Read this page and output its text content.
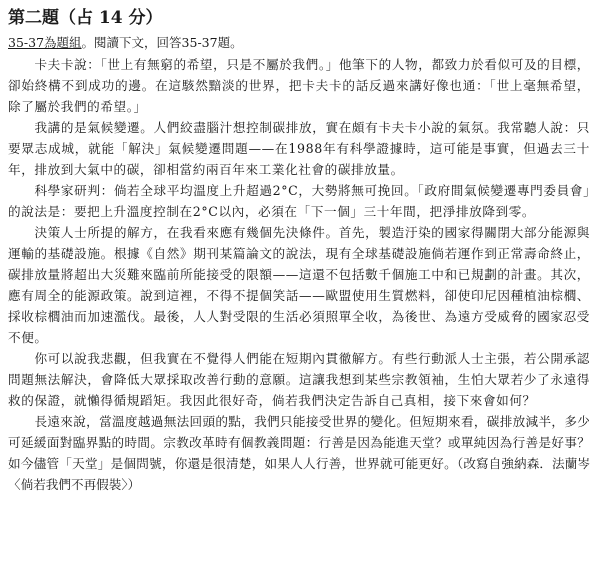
第二題（占 14 分）

35-37為題組。閱讀下文，回答35-37題。

卡夫卡說：「世上有無窮的希望，只是不屬於我們。」他筆下的人物，都致力於看似可及的目標，卻始終構不到成功的邊。在這駭然黯淡的世界，把卡夫卡的話反過來講好像也通：「世上毫無希望，除了屬於我們的希望。」

我講的是氣候變遷。人們絞盡腦汁想控制碳排放，實在頗有卡夫卡小說的氣氛。我常聽人說：只要眾志成城，就能「解決」氣候變遷問題——在1988年有科學證據時，這可能是事實，但過去三十年，排放到大氣中的碳，卻相當約兩百年來工業化社會的碳排放量。

科學家研判：倘若全球平均溫度上升超過2°C，大勢將無可挽回。「政府間氣候變遷專門委員會」的說法是：要把上升溫度控制在2°C以內，必須在「下一個」三十年間，把淨排放降到零。

決策人士所提的解方，在我看來應有幾個先決條件。首先，製造汙染的國家得關閉大部分能源與運輸的基礎設施。根據《自然》期刊某篇論文的說法，現有全球基礎設施倘若運作到正常壽命終止，碳排放量將超出大災難來臨前所能接受的限額——這還不包括數千個施工中和已規劃的計畫。其次，應有周全的能源政策。說到這裡，不得不提個笑話——歐盟使用生質燃料，卻使印尼因種植油棕櫚、採收棕櫚油而加速濫伐。最後，人人對受限的生活必須照單全收，為後世、為遠方受威脅的國家忍受不便。

你可以說我悲觀，但我實在不覺得人們能在短期內貫徹解方。有些行動派人士主張，若公開承認問題無法解決，會降低大眾採取改善行動的意願。這讓我想到某些宗教領袖，生怕大眾若少了永遠得救的保證，就懶得循規蹈矩。我因此很好奇，倘若我們決定告訴自己真相，接下來會如何？

長遠來說，當溫度越過無法回頭的點，我們只能接受世界的變化。但短期來看，碳排放減半，多少可延緩面對臨界點的時間。宗教改革時有個教義問題：行善是因為能進天堂？或單純因為行善是好事？如今儘管「天堂」是個問號，你還是很清楚，如果人人行善，世界就可能更好。（改寫自強納森．法蘭岑〈倘若我們不再假裝〉）
